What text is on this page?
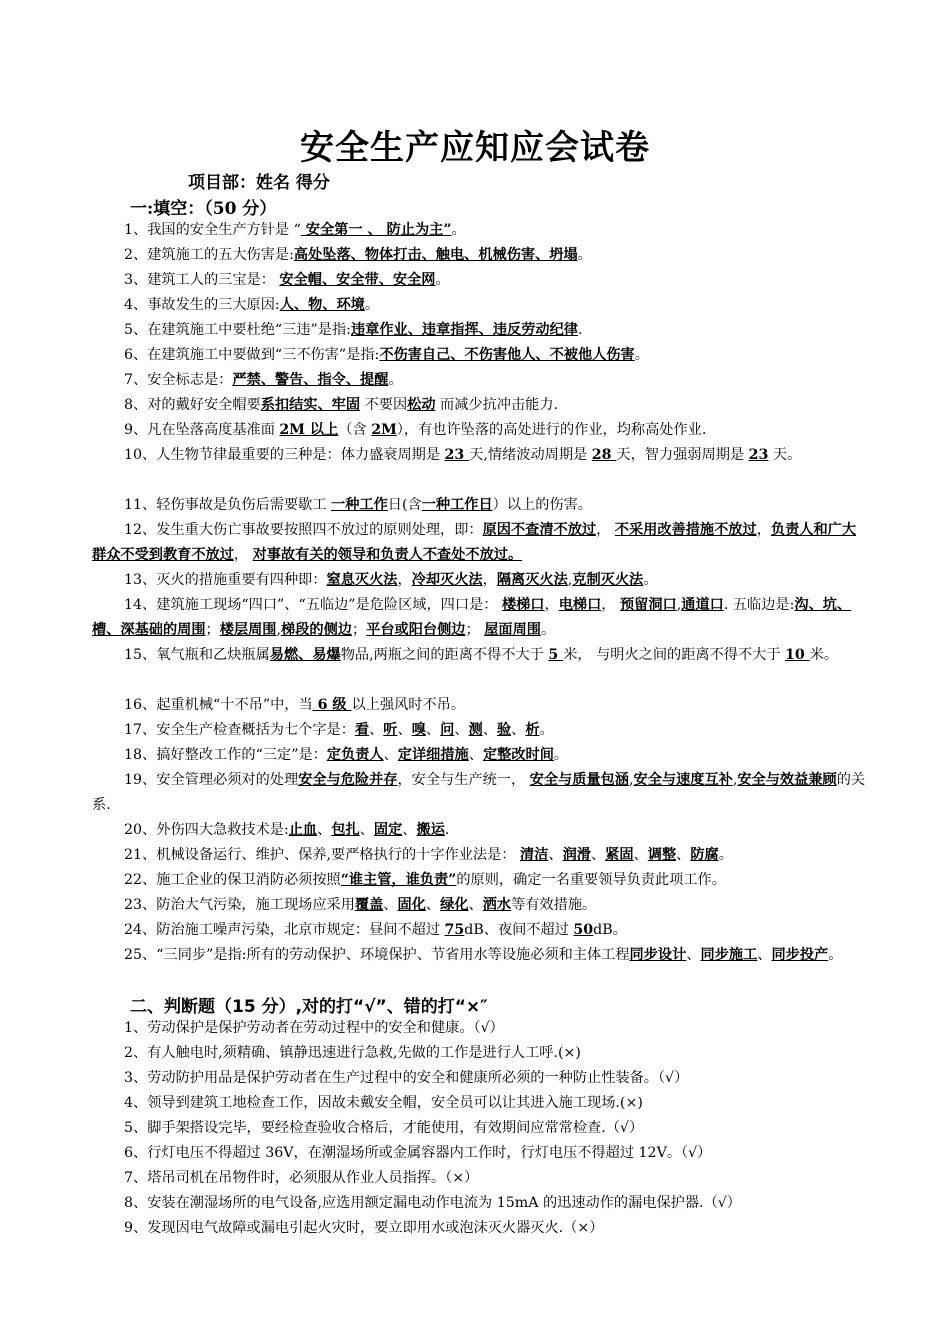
安全生产应知应会试卷
项目部：姓名 得分
一:填空：（50 分）
1、我国的安全生产方针是 “ 安全第一 、 防止为主”。
2、建筑施工的五大伤害是:高处坠落、物体打击、触电、机械伤害、坍塌。
3、建筑工人的三宝是： 安全帽、安全带、安全网。
4、事故发生的三大原因:人、物、环境。
5、在建筑施工中要杜绝“三违”是指:违章作业、违章指挥、违反劳动纪律.
6、在建筑施工中要做到“三不伤害”是指:不伤害自己、不伤害他人、不被他人伤害。
7、安全标志是：严禁、警告、指令、提醒。
8、对的戴好安全帽要系扣结实、牢固 不要因松动 而减少抗冲击能力.
9、凡在坠落高度基准面 2M 以上（含 2M），有也许坠落的高处进行的作业，均称高处作业.
10、人生物节律最重要的三种是：体力盛衰周期是 23 天,情绪波动周期是 28 天，智力强弱周期是 23 天。
11、轻伤事故是负伤后需要歇工 一种工作日(含一种工作日）以上的伤害。
12、发生重大伤亡事故要按照四不放过的原则处理，即：原因不查清不放过， 不采用改善措施不放过，负责人和广大群众不受到教育不放过， 对事故有关的领导和负责人不查处不放过。
13、灭火的措施重要有四种即：窒息灭火法，冷却灭火法，隔离灭火法,克制灭火法。
14、建筑施工现场“四口”、“五临边”是危险区域，四口是： 楼梯口，电梯口， 预留洞口,通道口. 五临边是:沟、坑、槽、深基础的周围；楼层周围,梯段的侧边；平台或阳台侧边； 屋面周围。
15、氧气瓶和乙炔瓶属易燃、易爆物品,两瓶之间的距离不得不大于 5 米， 与明火之间的距离不得不大于 10 米。
16、起重机械“十不吊”中，当 6 级 以上强风时不吊。
17、安全生产检查概括为七个字是：看、听、嗅、问、测、验、析。
18、搞好整改工作的“三定”是：定负责人、定详细措施、定整改时间。
19、安全管理必须对的处理安全与危险并存，安全与生产统一， 安全与质量包涵,安全与速度互补,安全与效益兼顾的关系.
20、外伤四大急救技术是:止血、包扎、固定、搬运.
21、机械设备运行、维护、保养,要严格执行的十字作业法是： 清洁、润滑、紧固、调整、防腐。
22、施工企业的保卫消防必须按照“谁主管，谁负责”的原则，确定一名重要领导负责此项工作。
23、防治大气污染，施工现场应采用覆盖、固化、绿化、洒水等有效措施。
24、防治施工噪声污染，北京市规定：昼间不超过 75dB、夜间不超过 50dB。
25、“三同步”是指:所有的劳动保护、环境保护、节省用水等设施必须和主体工程同步设计、同步施工、同步投产。
二、判断题（15 分）,对的打“√”、错的打“×″
1、劳动保护是保护劳动者在劳动过程中的安全和健康。（√）
2、有人触电时,须精确、镇静迅速进行急救,先做的工作是进行人工呼.(×)
3、劳动防护用品是保护劳动者在生产过程中的安全和健康所必须的一种防止性装备。（√）
4、领导到建筑工地检查工作，因故未戴安全帽，安全员可以让其进入施工现场.(×)
5、脚手架搭设完毕，要经检查验收合格后，才能使用，有效期间应常常检查.（√）
6、行灯电压不得超过 36V，在潮湿场所或金属容器内工作时，行灯电压不得超过 12V。（√）
7、塔吊司机在吊物件时，必须服从作业人员指挥。（×）
8、安装在潮湿场所的电气设备,应选用额定漏电动作电流为 15mA 的迅速动作的漏电保护器.（√）
9、发现因电气故障或漏电引起火灾时，要立即用水或泡沫灭火器灭火.（×）
